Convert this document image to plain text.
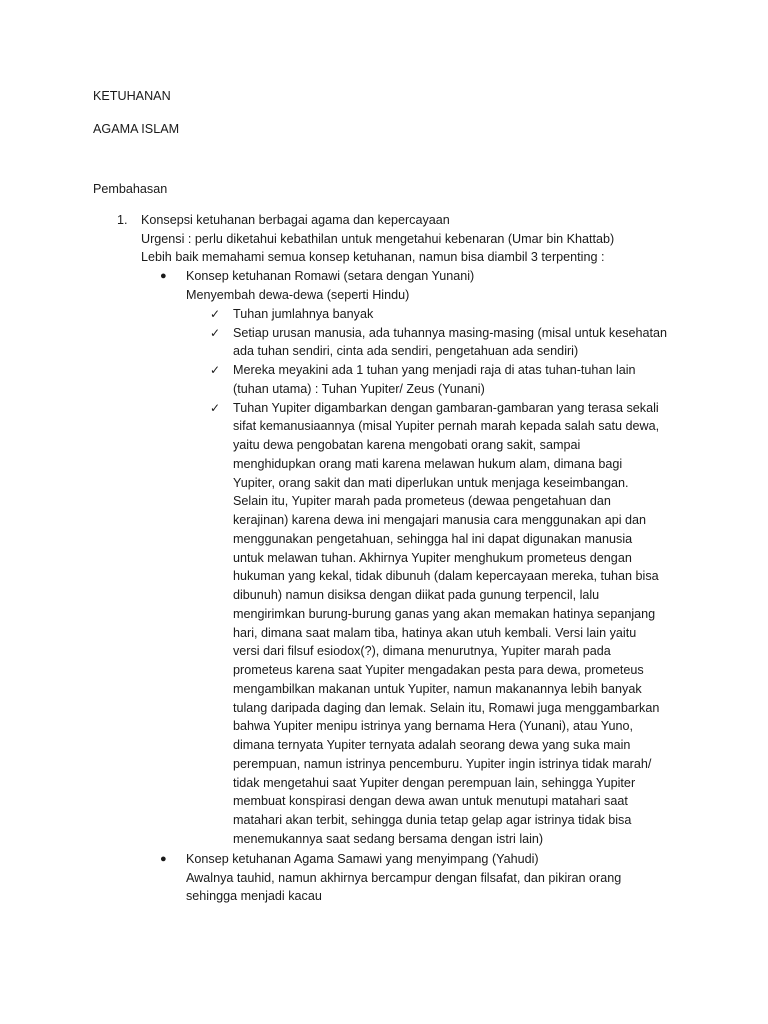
KETUHANAN
AGAMA ISLAM
Pembahasan
1. Konsepsi ketuhanan berbagai agama dan kepercayaan
Urgensi : perlu diketahui kebathilan untuk mengetahui kebenaran (Umar bin Khattab)
Lebih baik memahami semua konsep ketuhanan, namun bisa diambil 3 terpenting :
● Konsep ketuhanan Romawi (setara dengan Yunani)
Menyembah dewa-dewa (seperti Hindu)
✓ Tuhan jumlahnya banyak
✓ Setiap urusan manusia, ada tuhannya masing-masing (misal untuk kesehatan
ada tuhan sendiri, cinta ada sendiri, pengetahuan ada sendiri)
✓ Mereka meyakini ada 1 tuhan yang menjadi raja di atas tuhan-tuhan lain
(tuhan utama) : Tuhan Yupiter/ Zeus (Yunani)
✓ Tuhan Yupiter digambarkan dengan gambaran-gambaran yang terasa sekali
sifat kemanusiaannya (misal Yupiter pernah marah kepada salah satu dewa,
yaitu dewa pengobatan karena mengobati orang sakit, sampai
menghidupkan orang mati karena melawan hukum alam, dimana bagi
Yupiter, orang sakit dan mati diperlukan untuk menjaga keseimbangan.
Selain itu, Yupiter marah pada prometeus (dewaa pengetahuan dan
kerajinan) karena dewa ini mengajari manusia cara menggunakan api dan
menggunakan pengetahuan, sehingga hal ini dapat digunakan manusia
untuk melawan tuhan. Akhirnya Yupiter menghukum prometeus dengan
hukuman yang kekal, tidak dibunuh (dalam kepercayaan mereka, tuhan bisa
dibunuh) namun disiksa dengan diikat pada gunung terpencil, lalu
mengirimkan burung-burung ganas yang akan memakan hatinya sepanjang
hari, dimana saat malam tiba, hatinya akan utuh kembali. Versi lain yaitu
versi dari filsuf esiodox(?), dimana menurutnya, Yupiter marah pada
prometeus karena saat Yupiter mengadakan pesta para dewa, prometeus
mengambilkan makanan untuk Yupiter, namun makanannya lebih banyak
tulang daripada daging dan lemak. Selain itu, Romawi juga menggambarkan
bahwa Yupiter menipu istrinya yang bernama Hera (Yunani), atau Yuno,
dimana ternyata Yupiter ternyata adalah seorang dewa yang suka main
perempuan, namun istrinya pencemburu. Yupiter ingin istrinya tidak marah/
tidak mengetahui saat Yupiter dengan perempuan lain, sehingga Yupiter
membuat konspirasi dengan dewa awan untuk menutupi matahari saat
matahari akan terbit, sehingga dunia tetap gelap agar istrinya tidak bisa
menemukannya saat sedang bersama dengan istri lain)
● Konsep ketuhanan Agama Samawi yang menyimpang (Yahudi)
Awalnya tauhid, namun akhirnya bercampur dengan filsafat, dan pikiran orang
sehingga menjadi kacau
